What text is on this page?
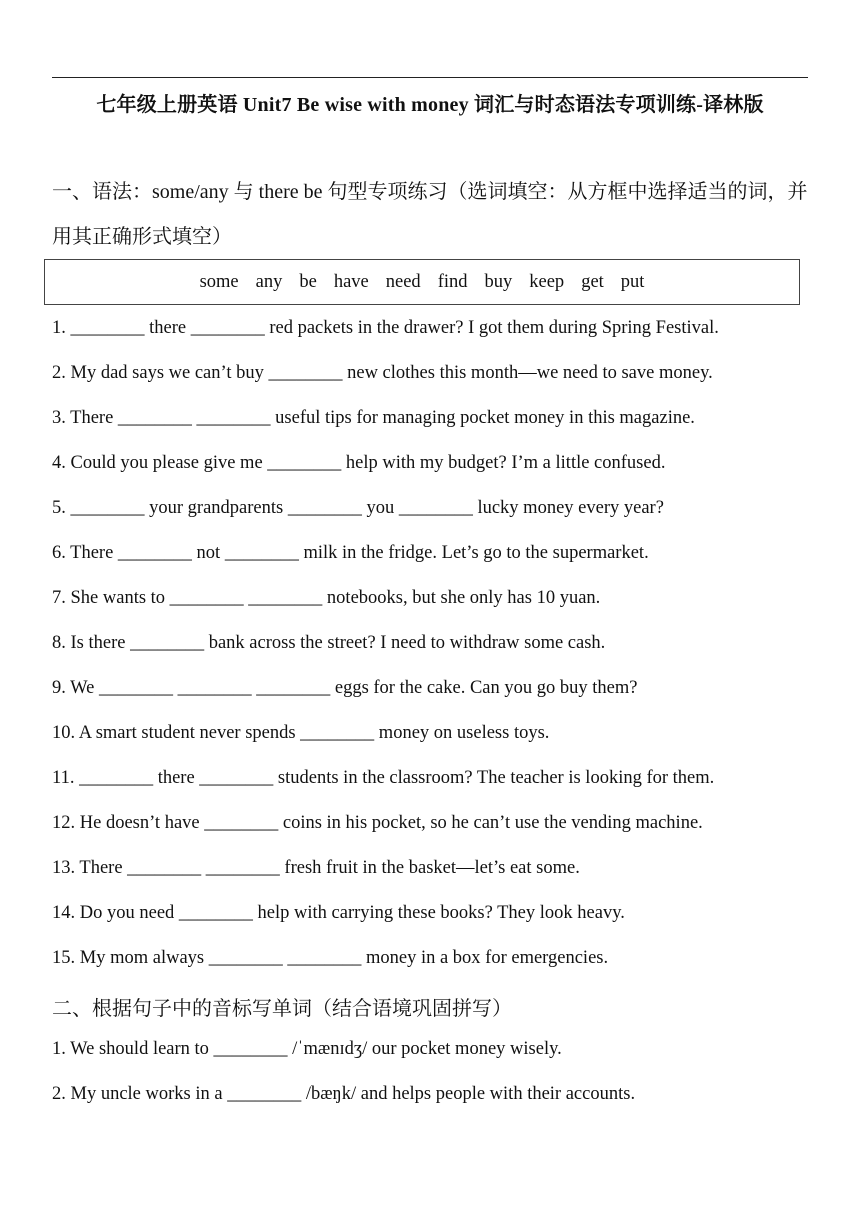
七年级上册英语 Unit7 Be wise with money 词汇与时态语法专项训练-译林版
一、语法：some/any 与 there be 句型专项练习（选词填空：从方框中选择适当的词，并用其正确形式填空）
some any be have need find buy keep get put
1. ________ there ________ red packets in the drawer? I got them during Spring Festival.
2. My dad says we can’t buy ________ new clothes this month—we need to save money.
3. There ________ ________ useful tips for managing pocket money in this magazine.
4. Could you please give me ________ help with my budget? I’m a little confused.
5. ________ your grandparents ________ you ________ lucky money every year?
6. There ________ not ________ milk in the fridge. Let’s go to the supermarket.
7. She wants to ________ ________ notebooks, but she only has 10 yuan.
8. Is there ________ bank across the street? I need to withdraw some cash.
9. We ________ ________ ________ eggs for the cake. Can you go buy them?
10. A smart student never spends ________ money on useless toys.
11. ________ there ________ students in the classroom? The teacher is looking for them.
12. He doesn’t have ________ coins in his pocket, so he can’t use the vending machine.
13. There ________ ________ fresh fruit in the basket—let’s eat some.
14. Do you need ________ help with carrying these books? They look heavy.
15. My mom always ________ ________ money in a box for emergencies.
二、根据句子中的音标写单词（结合语境巩固拼写）
1. We should learn to ________ /ˈmænɪdʒ/ our pocket money wisely.
2. My uncle works in a ________ /bæŋk/ and helps people with their accounts.
